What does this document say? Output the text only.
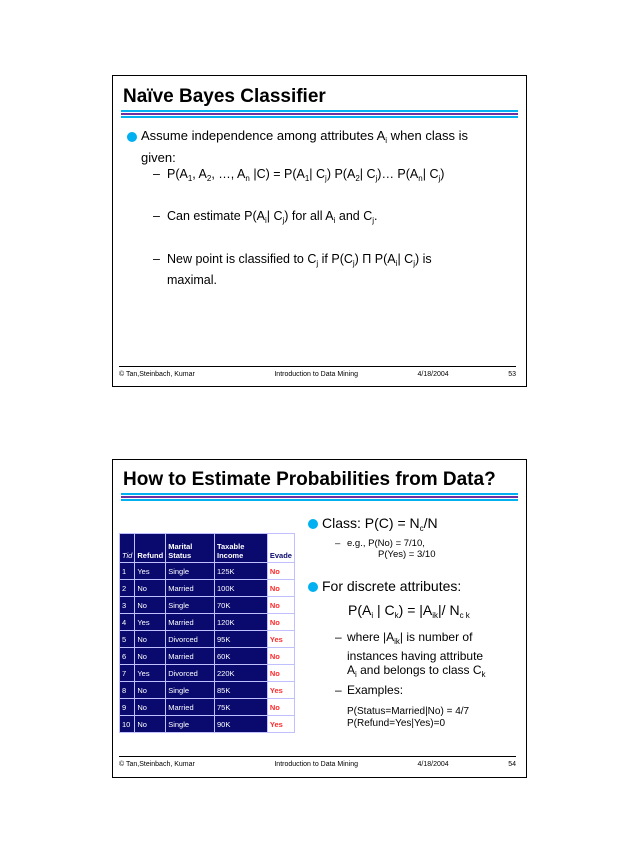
Naïve Bayes Classifier
Assume independence among attributes $A_i$ when class is
given:
– $P(A_1$, $A_2$, …, $A_n$ $|C) = P(A_1|$ $C_j$) $P(A_2|$ $C_j)\dots$ $P(A_n|$ $C_j$)
– Can estimate $P(A_i|$ $C_j$) for all $A_i$ and $C_j$.
– New point is classified to $C_j$ if $P(C_j)$ Π $P(A_i|$ $C_j$) is
maximal.
© Tan,Steinbach, Kumar	Introduction to Data Mining	4/18/2004	53
How to Estimate Probabilities from Data?
Tid	Refund	Marital Status	Taxable Income	Evade
1	Yes	Single	125K	No
2	No	Married	100K	No
3	No	Single	70K	No
4	Yes	Married	120K	No
5	No	Divorced	95K	Yes
6	No	Married	60K	No
7	Yes	Divorced	220K	No
8	No	Single	85K	Yes
9	No	Married	75K	No
10	No	Single	90K	Yes
Class: $P(C) = N_c/N$
– e.g., P(No) = 7/10,
P(Yes) = 3/10
For discrete attributes:
$P(A_i$ | $C_k) = |A_{ik}|/$ $N_{c k}$
– where $|A_{ik}|$ is number of
instances having attribute
$A_i$ and belongs to class $C_k$
– Examples:
P(Status=Married|No) = 4/7
P(Refund=Yes|Yes)=0
© Tan,Steinbach, Kumar	Introduction to Data Mining	4/18/2004	54
